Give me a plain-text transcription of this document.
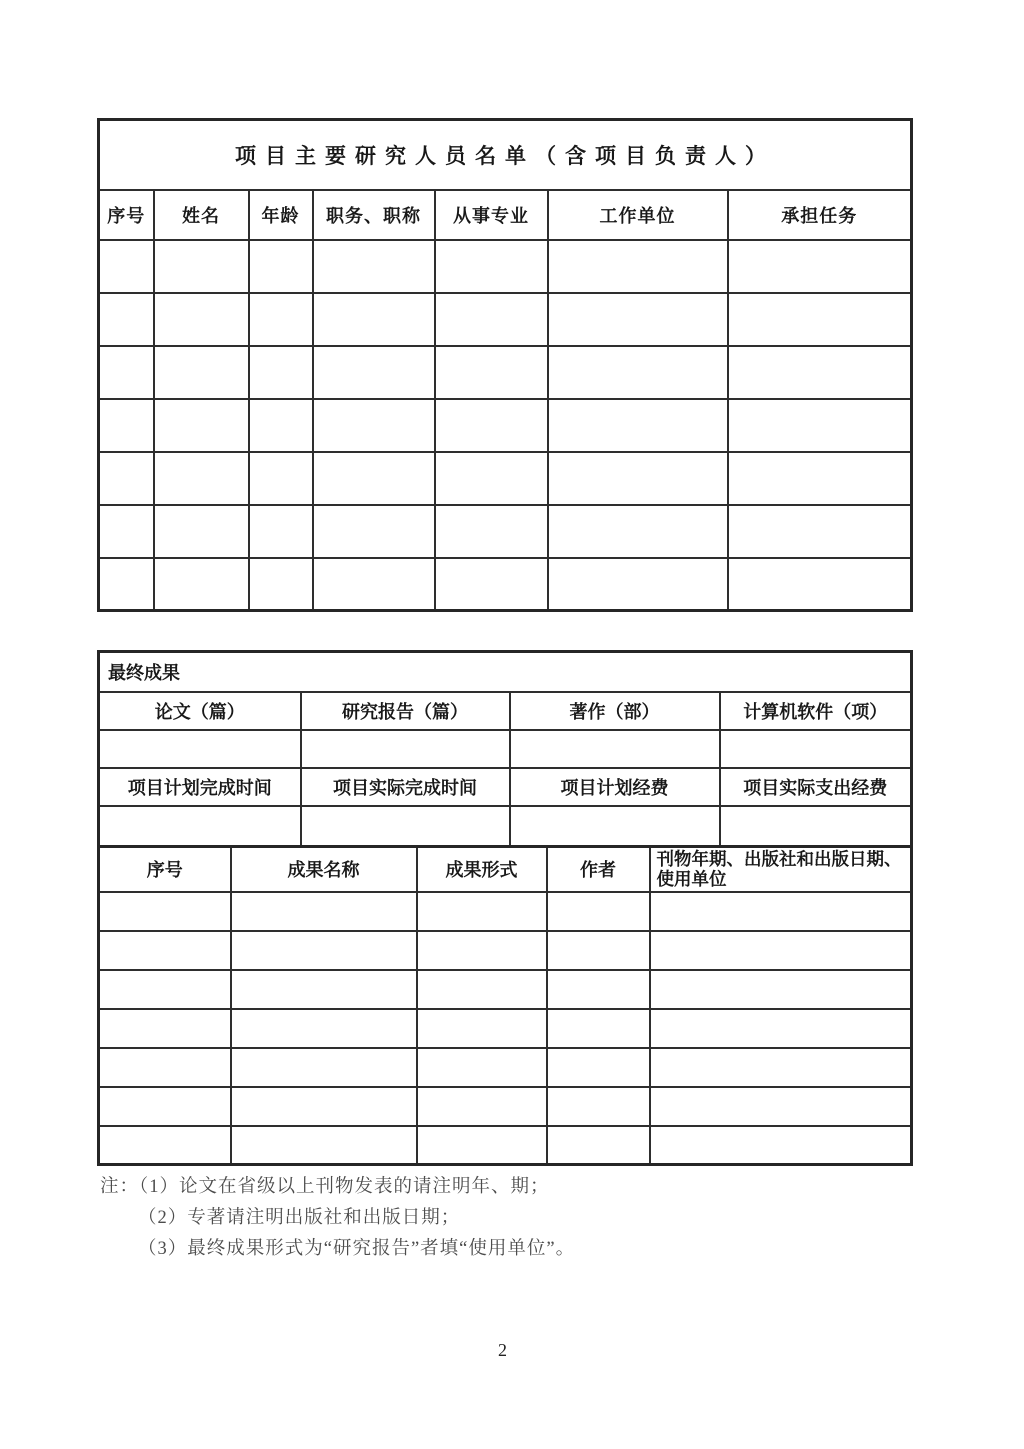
项目主要研究人员名单（含项目负责人）						
序号	姓名	年龄	职务、职称	从事专业	工作单位	承担任务

最终成果			
论文（篇）	研究报告（篇）	著作（部）	计算机软件（项）

项目计划完成时间	项目实际完成时间	项目计划经费	项目实际支出经费

序号	成果名称	成果形式	作者	刊物年期、出版社和出版日期、使用单位

注：（1）论文在省级以上刊物发表的请注明年、期；
（2）专著请注明出版社和出版日期；
（3）最终成果形式为“研究报告”者填“使用单位”。
2
